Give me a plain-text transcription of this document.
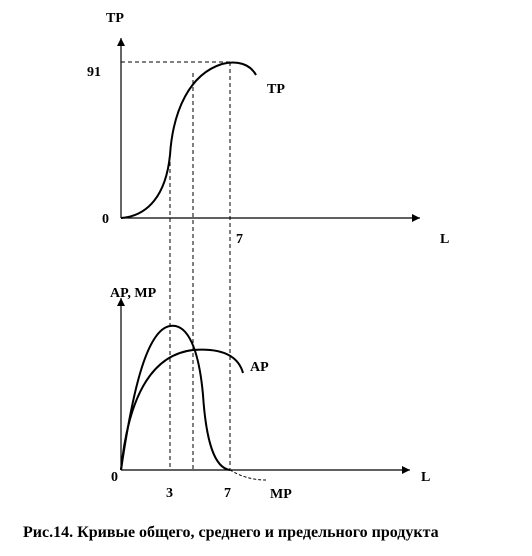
TP
L
0
91
7
TP
AP, MP
L
0
3	7	MP
AP
Рис.14. Кривые общего, среднего и предельного продукта
